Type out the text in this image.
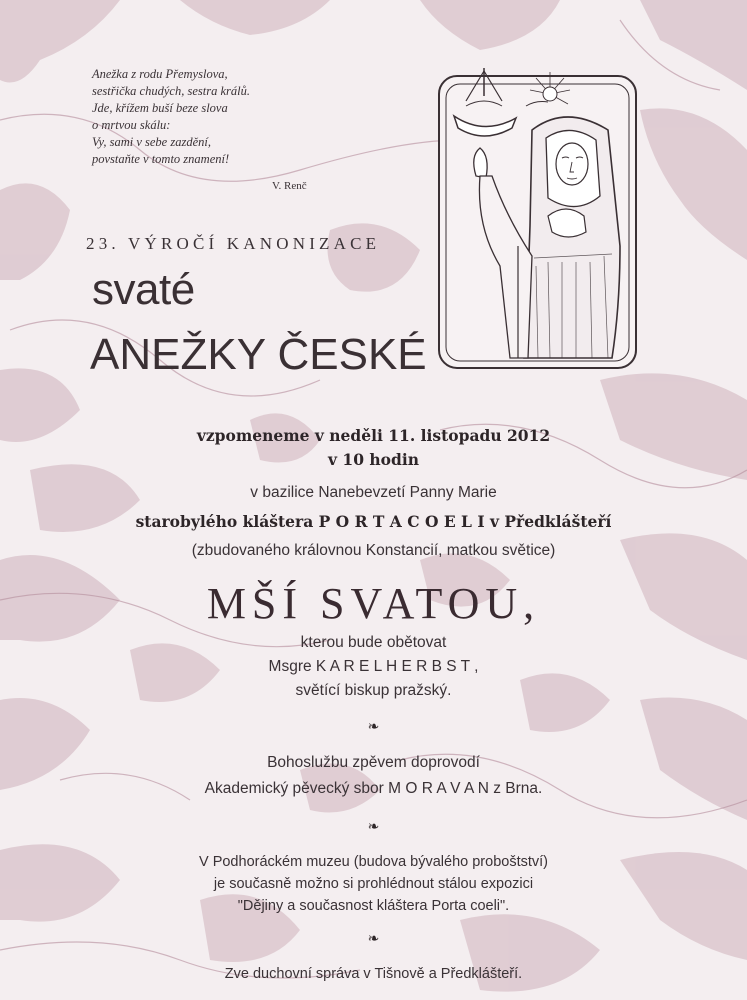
Anežka z rodu Přemyslova,
sestřička chudých, sestra králů.
Jde, křížem buší beze slova
o mrtvou skálu:
Vy, sami v sebe zazdění,
povstaňte v tomto znamení!
V. Renč
23. VÝROČÍ KANONIZACE
svaté
ANEŽKY ČESKÉ
vzpomeneme v neděli 11. listopadu 2012
v 10 hodin
v bazilice Nanebevzetí Panny Marie
starobylého kláštera P O R T A C O E L I v Předklášteří
(zbudovaného královnou Konstancií, matkou světice)
MŠÍ SVATOU,
kterou bude obětovat
Msgre K A R E L H E R B S T ,
světící biskup pražský.
❧
Bohoslužbu zpěvem doprovodí
Akademický pěvecký sbor M O R A V A N z Brna.
❧
V Podhoráckém muzeu (budova bývalého proboštství)
je současně možno si prohlédnout stálou expozici
"Dějiny a současnost kláštera Porta coeli".
❧
Zve duchovní správa v Tišnově a Předklášteří.
